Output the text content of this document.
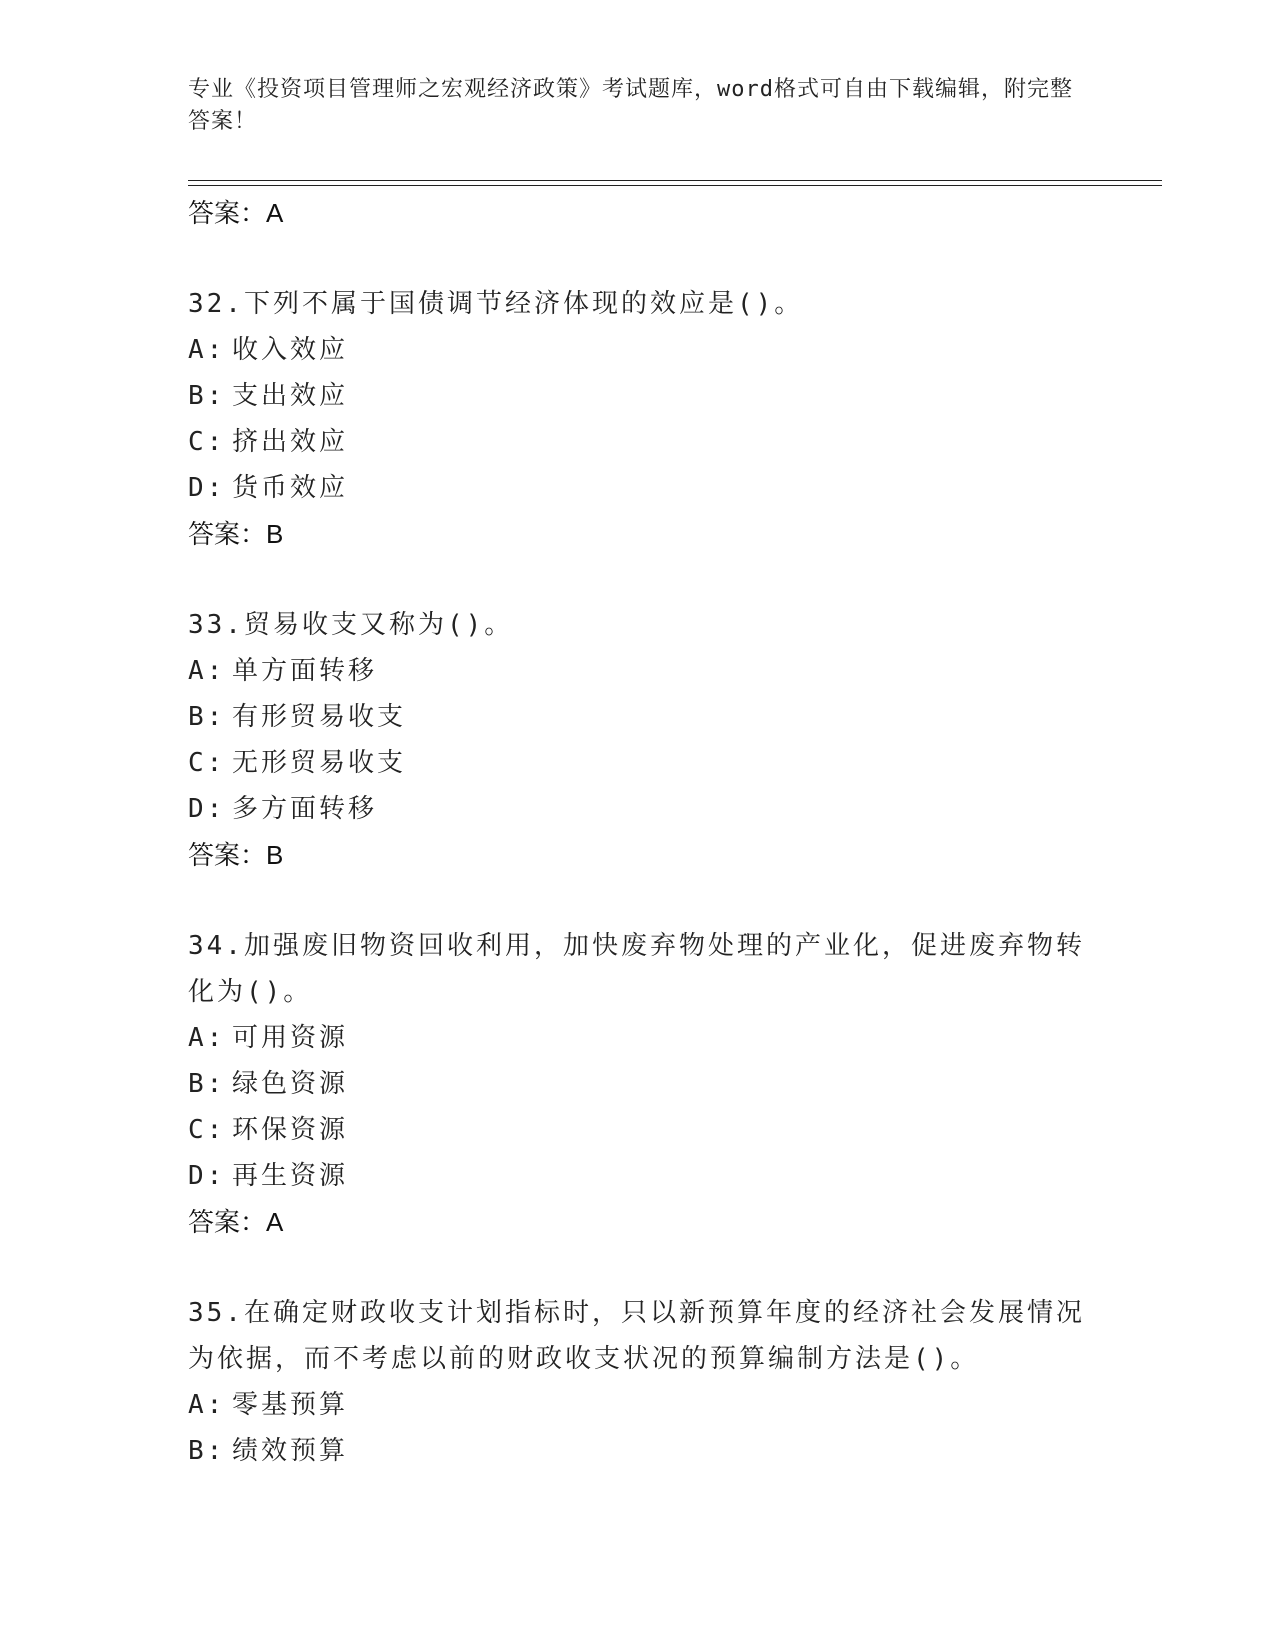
专业《投资项目管理师之宏观经济政策》考试题库，word格式可自由下载编辑，附完整答案！
答案：A
32.下列不属于国债调节经济体现的效应是()。
A: 收入效应
B: 支出效应
C: 挤出效应
D: 货币效应
答案：B
33.贸易收支又称为()。
A: 单方面转移
B: 有形贸易收支
C: 无形贸易收支
D: 多方面转移
答案：B
34.加强废旧物资回收利用，加快废弃物处理的产业化，促进废弃物转化为()。
A: 可用资源
B: 绿色资源
C: 环保资源
D: 再生资源
答案：A
35.在确定财政收支计划指标时，只以新预算年度的经济社会发展情况为依据，而不考虑以前的财政收支状况的预算编制方法是()。
A: 零基预算
B: 绩效预算
